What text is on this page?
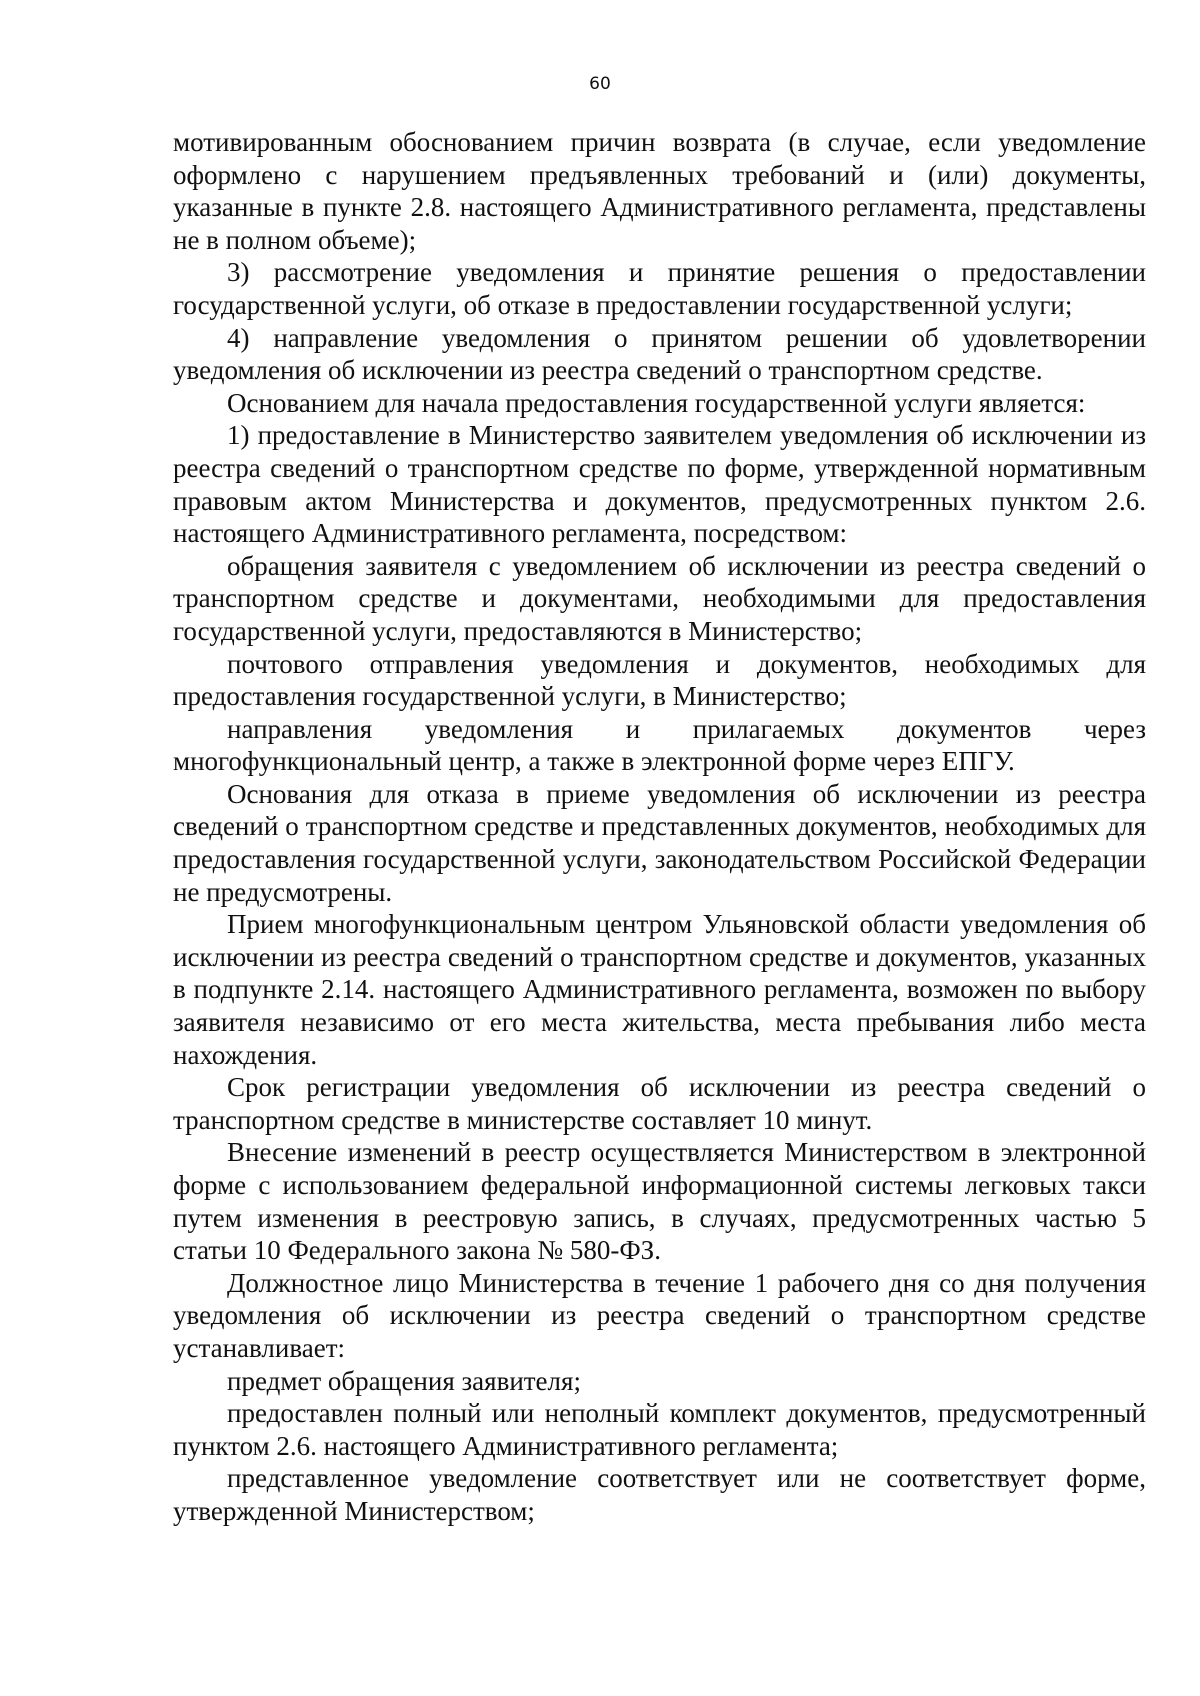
60

мотивированным обоснованием причин возврата (в случае, если уведомление оформлено с нарушением предъявленных требований и (или) документы, указанные в пункте 2.8. настоящего Административного регламента, представлены не в полном объеме);

3) рассмотрение уведомления и принятие решения о предоставлении государственной услуги, об отказе в предоставлении государственной услуги;

4) направление уведомления о принятом решении об удовлетворении уведомления об исключении из реестра сведений о транспортном средстве.

Основанием для начала предоставления государственной услуги является:

1) предоставление в Министерство заявителем уведомления об исключении из реестра сведений о транспортном средстве по форме, утвержденной нормативным правовым актом Министерства и документов, предусмотренных пунктом 2.6. настоящего Административного регламента, посредством:

обращения заявителя с уведомлением об исключении из реестра сведений о транспортном средстве и документами, необходимыми для предоставления государственной услуги, предоставляются в Министерство;

почтового отправления уведомления и документов, необходимых для предоставления государственной услуги, в Министерство;

направления уведомления и прилагаемых документов через многофункциональный центр, а также в электронной форме через ЕПГУ.

Основания для отказа в приеме уведомления об исключении из реестра сведений о транспортном средстве и представленных документов, необходимых для предоставления государственной услуги, законодательством Российской Федерации не предусмотрены.

Прием многофункциональным центром Ульяновской области уведомления об исключении из реестра сведений о транспортном средстве и документов, указанных в подпункте 2.14. настоящего Административного регламента, возможен по выбору заявителя независимо от его места жительства, места пребывания либо места нахождения.

Срок регистрации уведомления об исключении из реестра сведений о транспортном средстве в министерстве составляет 10 минут.

Внесение изменений в реестр осуществляется Министерством в электронной форме с использованием федеральной информационной системы легковых такси путем изменения в реестровую запись, в случаях, предусмотренных частью 5 статьи 10 Федерального закона № 580-ФЗ.

Должностное лицо Министерства в течение 1 рабочего дня со дня получения уведомления об исключении из реестра сведений о транспортном средстве устанавливает:

предмет обращения заявителя;

предоставлен полный или неполный комплект документов, предусмотренный пунктом 2.6. настоящего Административного регламента;

представленное уведомление соответствует или не соответствует форме, утвержденной Министерством;
